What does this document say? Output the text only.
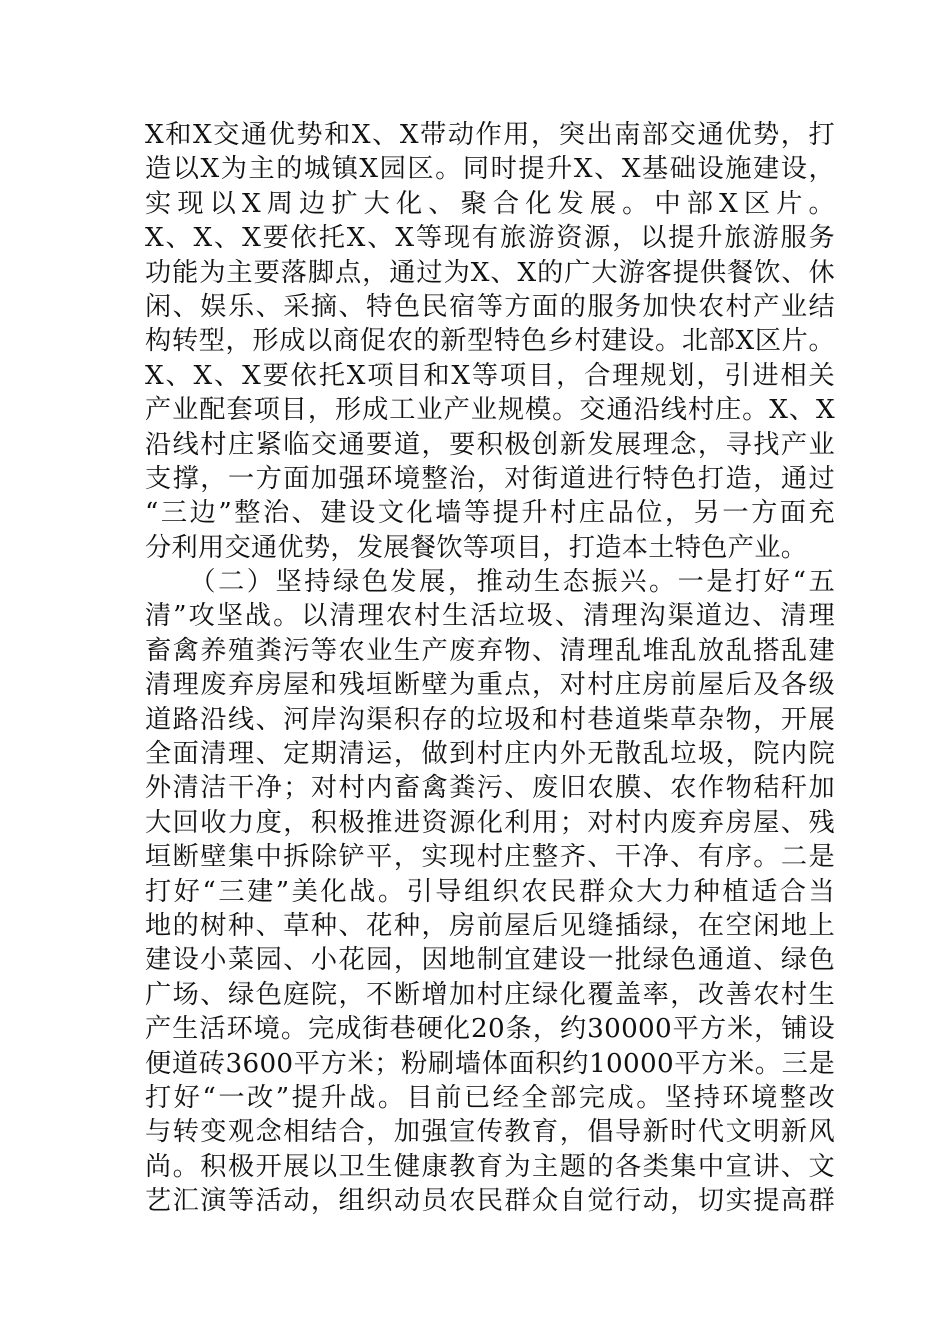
X和X交通优势和X、X带动作用，突出南部交通优势，打
造以X为主的城镇X园区。同时提升X、X基础设施建设，
实现以X周边扩大化、聚合化发展。中部X区片。
X、X、X要依托X、X等现有旅游资源，以提升旅游服务
功能为主要落脚点，通过为X、X的广大游客提供餐饮、休
闲、娱乐、采摘、特色民宿等方面的服务加快农村产业结
构转型，形成以商促农的新型特色乡村建设。北部X区片。
X、X、X要依托X项目和X等项目，合理规划，引进相关
产业配套项目，形成工业产业规模。交通沿线村庄。X、X
沿线村庄紧临交通要道，要积极创新发展理念，寻找产业
支撑，一方面加强环境整治，对街道进行特色打造，通过
“三边”整治、建设文化墙等提升村庄品位，另一方面充
分利用交通优势，发展餐饮等项目，打造本土特色产业。
　　（二）坚持绿色发展，推动生态振兴。一是打好“五
清”攻坚战。以清理农村生活垃圾、清理沟渠道边、清理
畜禽养殖粪污等农业生产废弃物、清理乱堆乱放乱搭乱建
清理废弃房屋和残垣断壁为重点，对村庄房前屋后及各级
道路沿线、河岸沟渠积存的垃圾和村巷道柴草杂物，开展
全面清理、定期清运，做到村庄内外无散乱垃圾，院内院
外清洁干净；对村内畜禽粪污、废旧农膜、农作物秸秆加
大回收力度，积极推进资源化利用；对村内废弃房屋、残
垣断壁集中拆除铲平，实现村庄整齐、干净、有序。二是
打好“三建”美化战。引导组织农民群众大力种植适合当
地的树种、草种、花种，房前屋后见缝插绿，在空闲地上
建设小菜园、小花园，因地制宜建设一批绿色通道、绿色
广场、绿色庭院，不断增加村庄绿化覆盖率，改善农村生
产生活环境。完成街巷硬化20条，约30000平方米，铺设
便道砖3600平方米；粉刷墙体面积约10000平方米。三是
打好“一改”提升战。目前已经全部完成。坚持环境整改
与转变观念相结合，加强宣传教育，倡导新时代文明新风
尚。积极开展以卫生健康教育为主题的各类集中宣讲、文
艺汇演等活动，组织动员农民群众自觉行动，切实提高群
